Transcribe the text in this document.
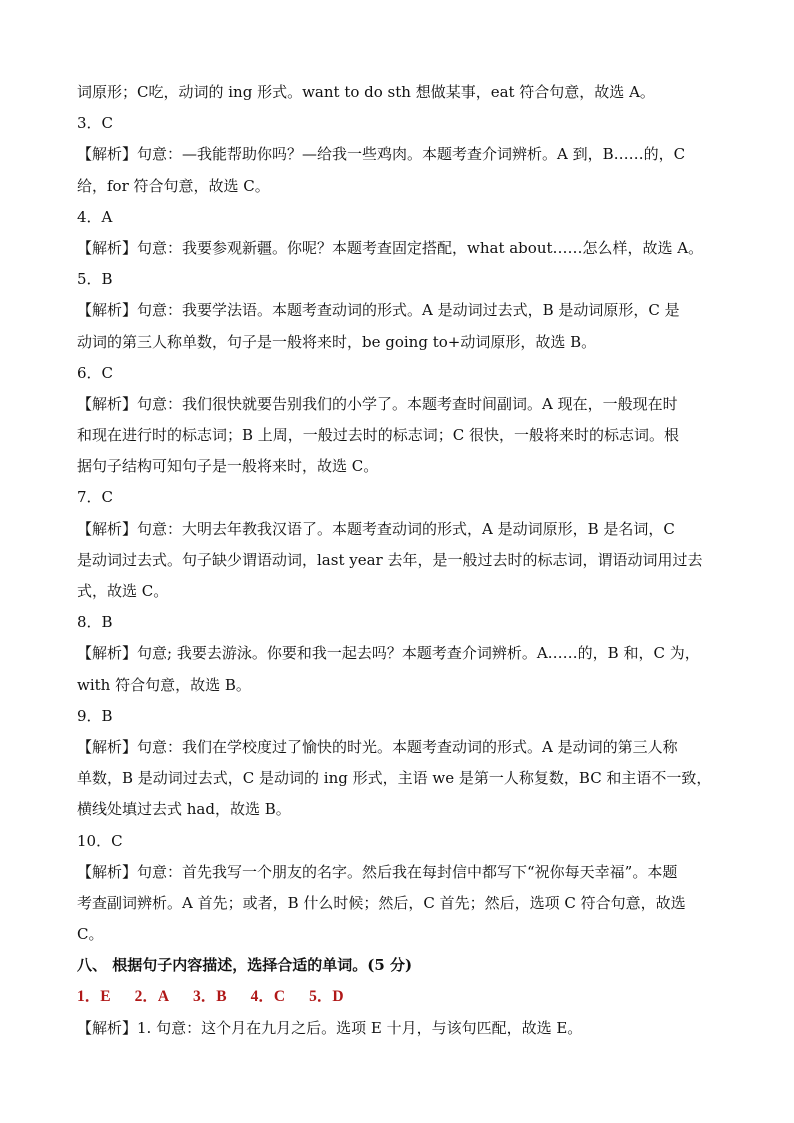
词原形；C吃，动词的 ing 形式。want to do sth 想做某事，eat 符合句意，故选 A。
3．C
【解析】句意：—我能帮助你吗？—给我一些鸡肉。本题考查介词辨析。A 到，B……的，C
给，for 符合句意，故选 C。
4．A
【解析】句意：我要参观新疆。你呢？本题考查固定搭配，what about……怎么样，故选 A。
5．B
【解析】句意：我要学法语。本题考查动词的形式。A 是动词过去式，B 是动词原形，C 是
动词的第三人称单数，句子是一般将来时，be going to+动词原形，故选 B。
6．C
【解析】句意：我们很快就要告别我们的小学了。本题考查时间副词。A 现在，一般现在时
和现在进行时的标志词；B 上周，一般过去时的标志词；C 很快，一般将来时的标志词。根
据句子结构可知句子是一般将来时，故选 C。
7．C
【解析】句意：大明去年教我汉语了。本题考查动词的形式，A 是动词原形，B 是名词，C
是动词过去式。句子缺少谓语动词，last year 去年，是一般过去时的标志词，谓语动词用过去
式，故选 C。
8．B
【解析】句意; 我要去游泳。你要和我一起去吗？本题考查介词辨析。A……的，B 和，C 为，
with 符合句意，故选 B。
9．B
【解析】句意：我们在学校度过了愉快的时光。本题考查动词的形式。A 是动词的第三人称
单数，B 是动词过去式，C 是动词的 ing 形式，主语 we 是第一人称复数，BC 和主语不一致，
横线处填过去式 had，故选 B。
10．C
【解析】句意：首先我写一个朋友的名字。然后我在每封信中都写下“祝你每天幸福”。本题
考查副词辨析。A 首先；或者，B 什么时候；然后，C 首先；然后，选项 C 符合句意，故选
C。
八、 根据句子内容描述，选择合适的单词。(5 分)
1．E 2．A 3．B 4．C 5．D
【解析】1. 句意：这个月在九月之后。选项 E 十月，与该句匹配，故选 E。
